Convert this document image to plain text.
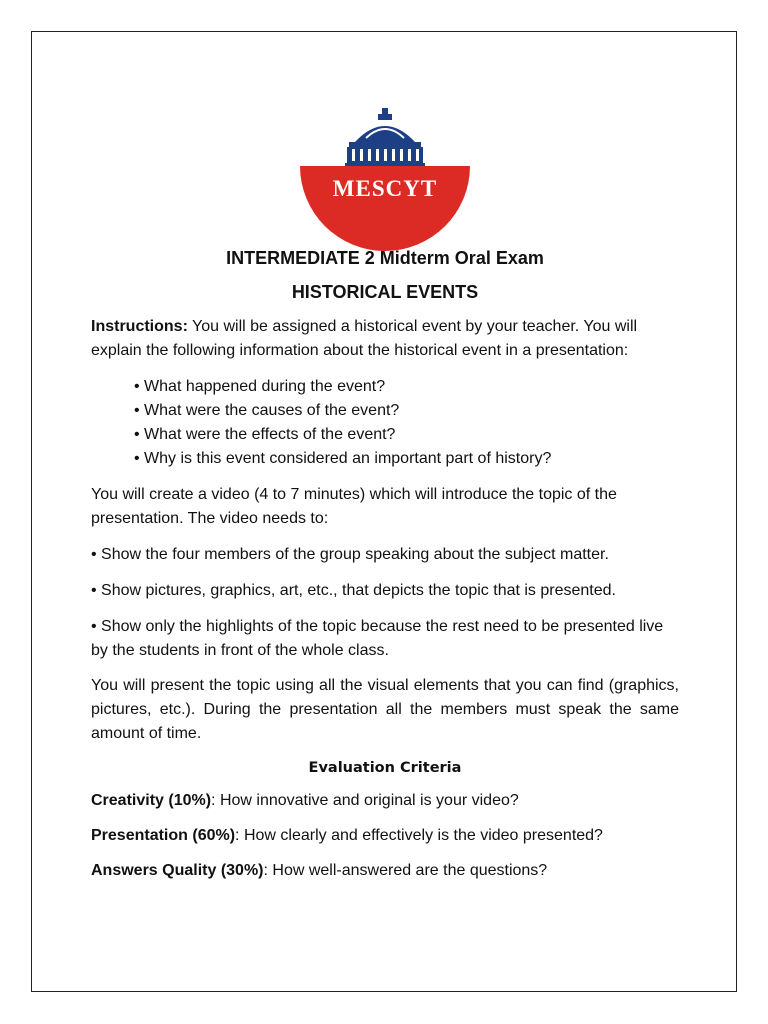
MESCYT
INTERMEDIATE 2 Midterm Oral Exam
HISTORICAL EVENTS

Instructions: You will be assigned a historical event by your teacher. You will explain the following information about the historical event in a presentation:

• What happened during the event?
• What were the causes of the event?
• What were the effects of the event?
• Why is this event considered an important part of history?

You will create a video (4 to 7 minutes) which will introduce the topic of the presentation. The video needs to:

• Show the four members of the group speaking about the subject matter.

• Show pictures, graphics, art, etc., that depicts the topic that is presented.

• Show only the highlights of the topic because the rest need to be presented live by the students in front of the whole class.

You will present the topic using all the visual elements that you can find (graphics, pictures, etc.). During the presentation all the members must speak the same amount of time.

Evaluation Criteria

Creativity (10%): How innovative and original is your video?

Presentation (60%): How clearly and effectively is the video presented?

Answers Quality (30%): How well-answered are the questions?
